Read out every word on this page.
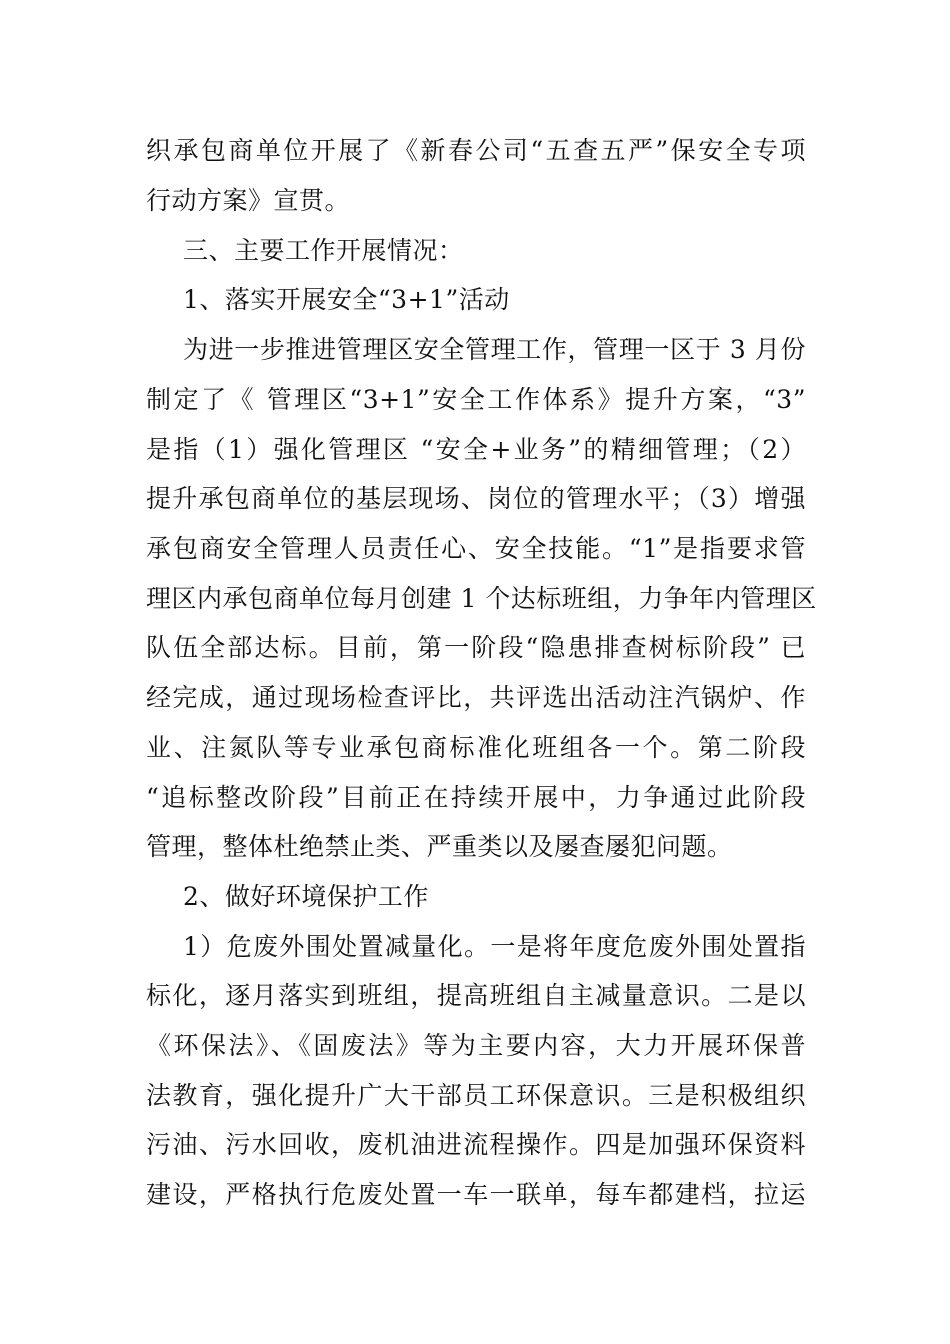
织承包商单位开展了《新春公司“五查五严”保安全专项
行动方案》宣贯。
三、主要工作开展情况：
1、落实开展安全“3+1”活动
为进一步推进管理区安全管理工作，管理一区于 3 月份
制定了《 管理区“3+1”安全工作体系》提升方案，“3”
是指（1）强化管理区 “安全+业务”的精细管理；（2）
提升承包商单位的基层现场、岗位的管理水平；（3）增强
承包商安全管理人员责任心、安全技能。“1”是指要求管
理区内承包商单位每月创建 1 个达标班组，力争年内管理区
队伍全部达标。目前，第一阶段“隐患排查树标阶段” 已
经完成，通过现场检查评比，共评选出活动注汽锅炉、作
业、注氮队等专业承包商标准化班组各一个。第二阶段
“追标整改阶段”目前正在持续开展中，力争通过此阶段
管理，整体杜绝禁止类、严重类以及屡查屡犯问题。
2、做好环境保护工作
1）危废外围处置减量化。一是将年度危废外围处置指
标化，逐月落实到班组，提高班组自主减量意识。二是以
《环保法》、《固废法》等为主要内容，大力开展环保普
法教育，强化提升广大干部员工环保意识。三是积极组织
污油、污水回收，废机油进流程操作。四是加强环保资料
建设，严格执行危废处置一车一联单，每车都建档，拉运
